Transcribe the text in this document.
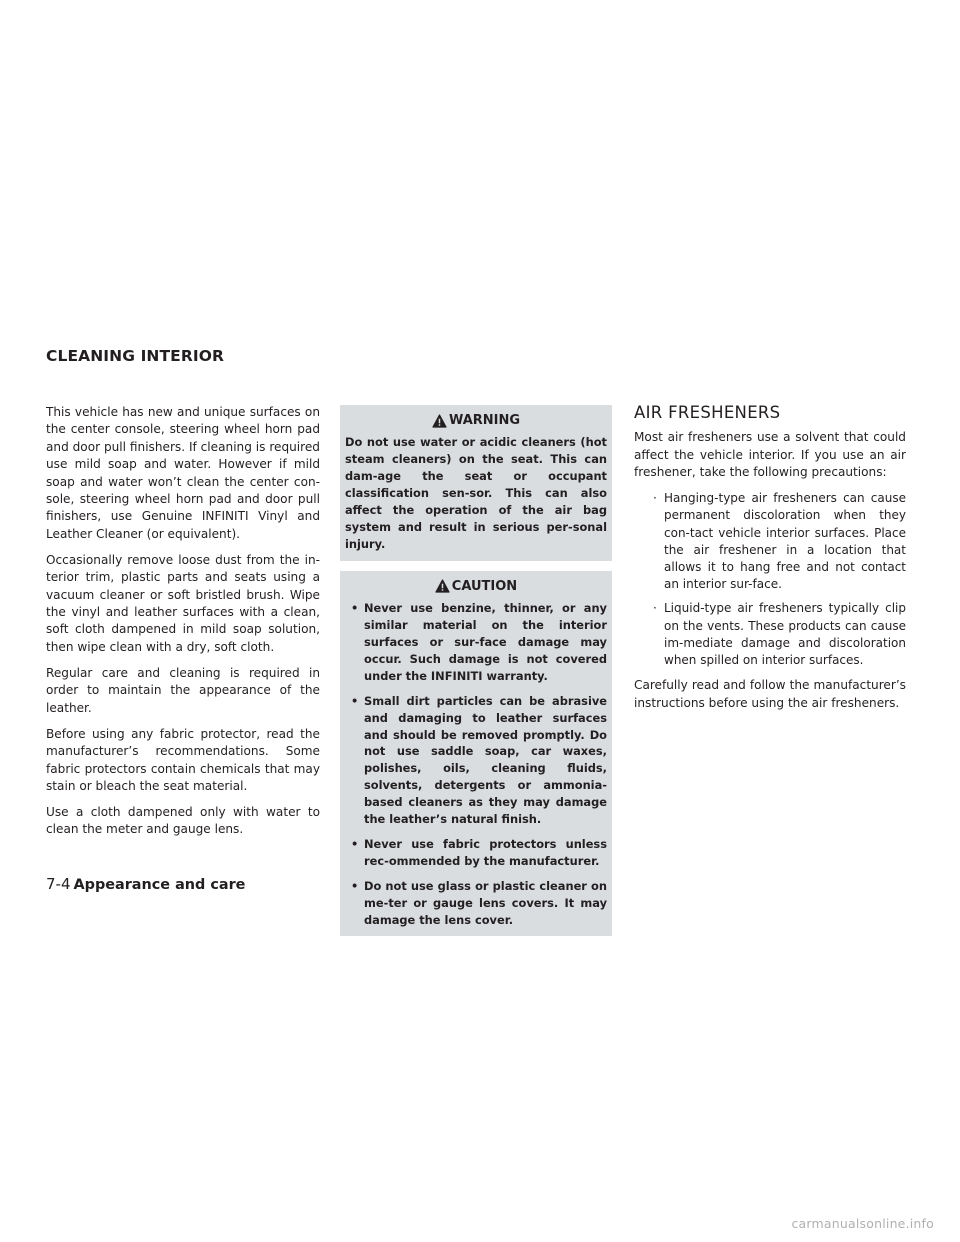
CLEANING INTERIOR

This vehicle has new and unique surfaces on the center console, steering wheel horn pad and door pull finishers. If cleaning is required use mild soap and water. However if mild soap and water won’t clean the center con-sole, steering wheel horn pad and door pull finishers, use Genuine INFINITI Vinyl and Leather Cleaner (or equivalent).

Occasionally remove loose dust from the in-terior trim, plastic parts and seats using a vacuum cleaner or soft bristled brush. Wipe the vinyl and leather surfaces with a clean, soft cloth dampened in mild soap solution, then wipe clean with a dry, soft cloth.

Regular care and cleaning is required in order to maintain the appearance of the leather.

Before using any fabric protector, read the manufacturer’s recommendations. Some fabric protectors contain chemicals that may stain or bleach the seat material.

Use a cloth dampened only with water to clean the meter and gauge lens.

WARNING

Do not use water or acidic cleaners (hot steam cleaners) on the seat. This can dam-age the seat or occupant classification sen-sor. This can also affect the operation of the air bag system and result in serious per-sonal injury.

CAUTION
• Never use benzine, thinner, or any similar material on the interior surfaces or sur-face damage may occur. Such damage is not covered under the INFINITI warranty.
• Small dirt particles can be abrasive and damaging to leather surfaces and should be removed promptly. Do not use saddle soap, car waxes, polishes, oils, cleaning fluids, solvents, detergents or ammonia-based cleaners as they may damage the leather’s natural finish.
• Never use fabric protectors unless rec-ommended by the manufacturer.
• Do not use glass or plastic cleaner on me-ter or gauge lens covers. It may damage the lens cover.
AIR FRESHENERS

Most air fresheners use a solvent that could affect the vehicle interior. If you use an air freshener, take the following precautions:

· Hanging-type air fresheners can cause permanent discoloration when they con-tact vehicle interior surfaces. Place the air freshener in a location that allows it to hang free and not contact an interior sur-face.
· Liquid-type air fresheners typically clip on the vents. These products can cause im-mediate damage and discoloration when spilled on interior surfaces.

Carefully read and follow the manufacturer’s instructions before using the air fresheners.

7-4 Appearance and care
carmanualsonline.info
